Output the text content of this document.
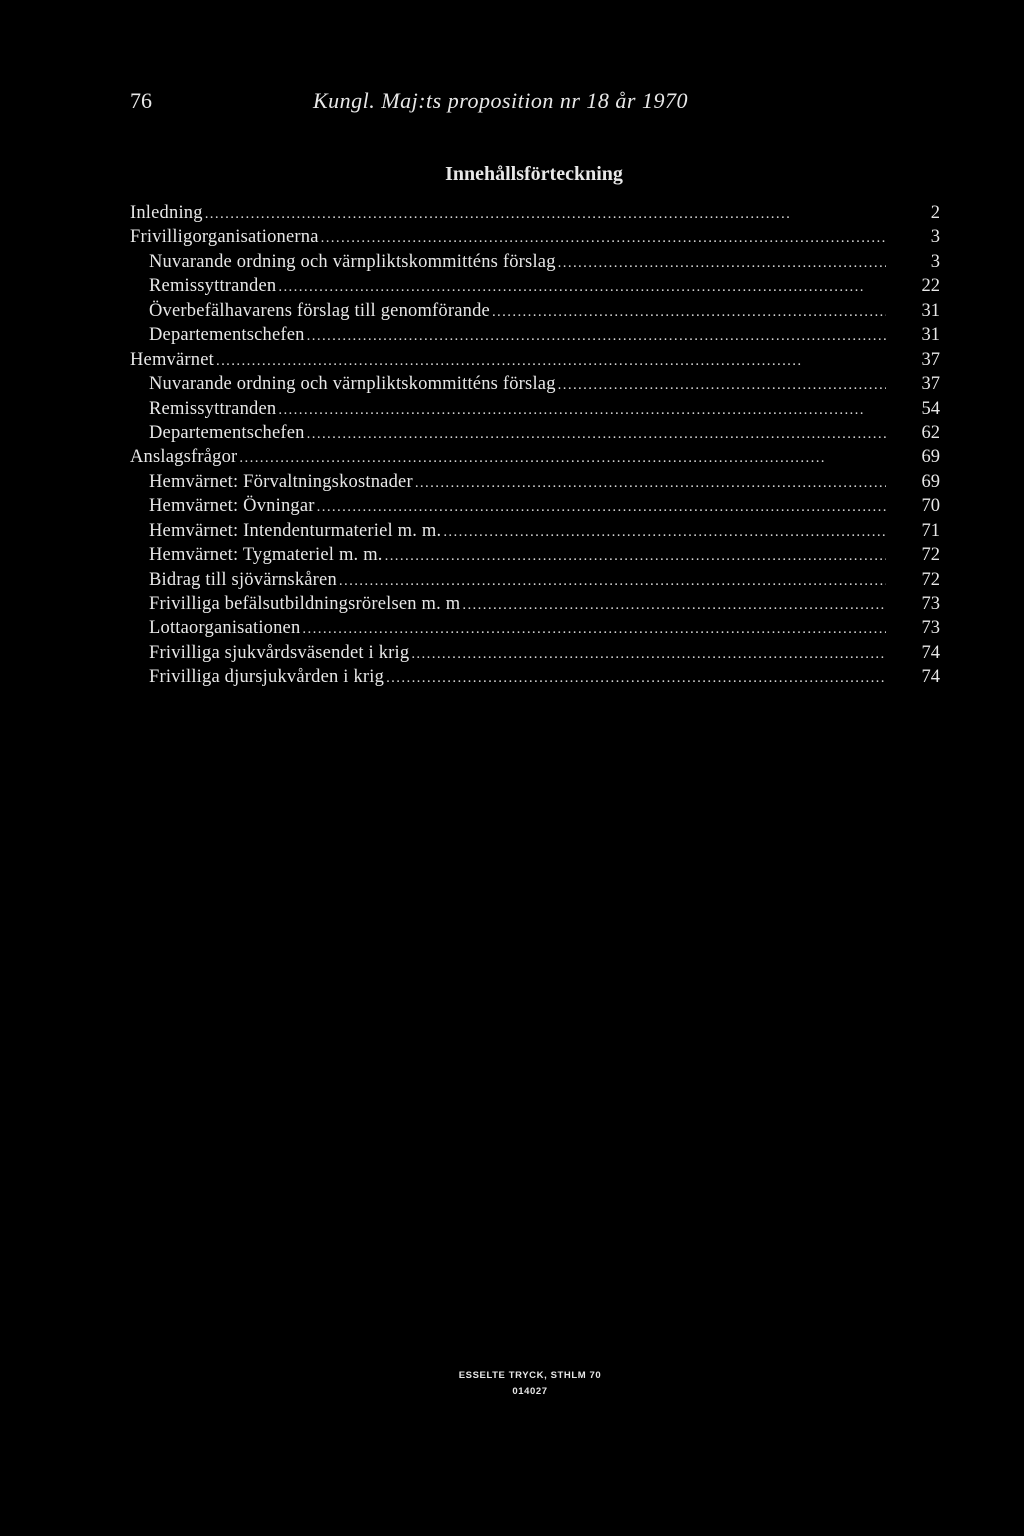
76	Kungl. Maj:ts proposition nr 18 år 1970
Innehållsförteckning
Inledning . . .	2
Frivilligorganisationerna . . .	3
Nuvarande ordning och värnpliktskommitténs förslag . . .	3
Remissyttranden . . .	22
Överbefälhavarens förslag till genomförande . . .	31
Departementschefen . . .	31
Hemvärnet . . .	37
Nuvarande ordning och värnpliktskommitténs förslag . . .	37
Remissyttranden . . .	54
Departementschefen . . .	62
Anslagsfrågor . . .	69
Hemvärnet: Förvaltningskostnader . . .	69
Hemvärnet: Övningar . . .	70
Hemvärnet: Intendenturmateriel m. m. . . .	71
Hemvärnet: Tygmateriel m. m. . . .	72
Bidrag till sjövärnskåren . . .	72
Frivilliga befälsutbildningsrörelsen m. m . . .	73
Lottaorganisationen . . .	73
Frivilliga sjukvårdsväsendet i krig . . .	74
Frivilliga djursjukvården i krig . . .	74
ESSELTE TRYCK, STHLM 70
014027
